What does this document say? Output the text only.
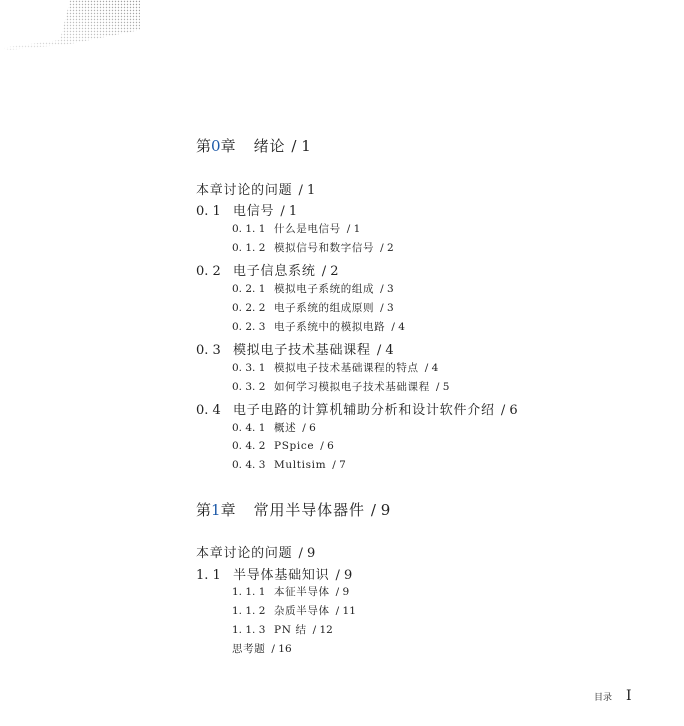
第0章 绪论 / 1
本章讨论的问题 / 1
0. 1 电信号 / 1
0. 1. 1 什么是电信号 / 1
0. 1. 2 模拟信号和数字信号 / 2
0. 2 电子信息系统 / 2
0. 2. 1 模拟电子系统的组成 / 3
0. 2. 2 电子系统的组成原则 / 3
0. 2. 3 电子系统中的模拟电路 / 4
0. 3 模拟电子技术基础课程 / 4
0. 3. 1 模拟电子技术基础课程的特点 / 4
0. 3. 2 如何学习模拟电子技术基础课程 / 5
0. 4 电子电路的计算机辅助分析和设计软件介绍 / 6
0. 4. 1 概述 / 6
0. 4. 2 PSpice / 6
0. 4. 3 Multisim / 7
第1章 常用半导体器件 / 9
本章讨论的问题 / 9
1. 1 半导体基础知识 / 9
1. 1. 1 本征半导体 / 9
1. 1. 2 杂质半导体 / 11
1. 1. 3 PN 结 / 12
思考题 / 16
目录 I
